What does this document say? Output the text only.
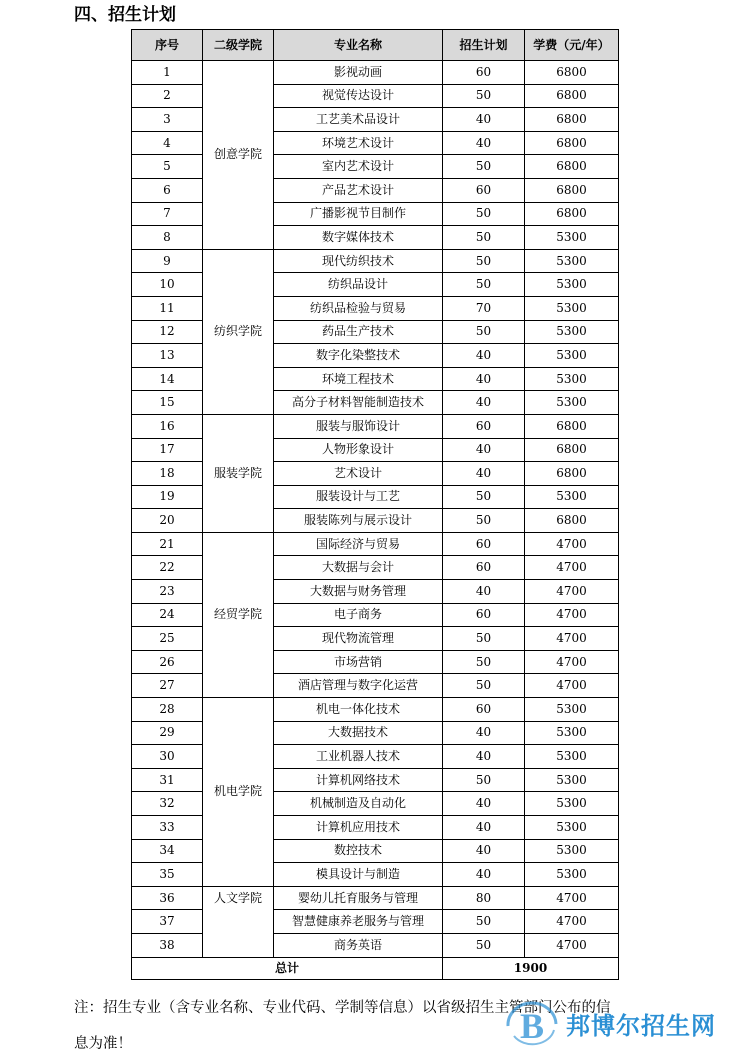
四、招生计划
序号	二级学院	专业名称	招生计划	学费（元/年）
1	创意学院	影视动画	60	6800
2		视觉传达设计	50	6800
3		工艺美术品设计	40	6800
4		环境艺术设计	40	6800
5		室内艺术设计	50	6800
6		产品艺术设计	60	6800
7		广播影视节目制作	50	6800
8		数字媒体技术	50	5300
9	纺织学院	现代纺织技术	50	5300
10		纺织品设计	50	5300
11		纺织品检验与贸易	70	5300
12		药品生产技术	50	5300
13		数字化染整技术	40	5300
14		环境工程技术	40	5300
15		高分子材料智能制造技术	40	5300
16	服装学院	服装与服饰设计	60	6800
17		人物形象设计	40	6800
18		艺术设计	40	6800
19		服装设计与工艺	50	5300
20		服装陈列与展示设计	50	6800
21	经贸学院	国际经济与贸易	60	4700
22		大数据与会计	60	4700
23		大数据与财务管理	40	4700
24		电子商务	60	4700
25		现代物流管理	50	4700
26		市场营销	50	4700
27		酒店管理与数字化运营	50	4700
28	机电学院	机电一体化技术	60	5300
29		大数据技术	40	5300
30		工业机器人技术	40	5300
31		计算机网络技术	50	5300
32		机械制造及自动化	40	5300
33		计算机应用技术	40	5300
34		数控技术	40	5300
35		模具设计与制造	40	5300
36	人文学院	婴幼儿托育服务与管理	80	4700
37		智慧健康养老服务与管理	50	4700
38		商务英语	50	4700
总计			1900	
注：招生专业（含专业名称、专业代码、学制等信息）以省级招生主管部门公布的信

息为准！	B 邦博尔招生网
